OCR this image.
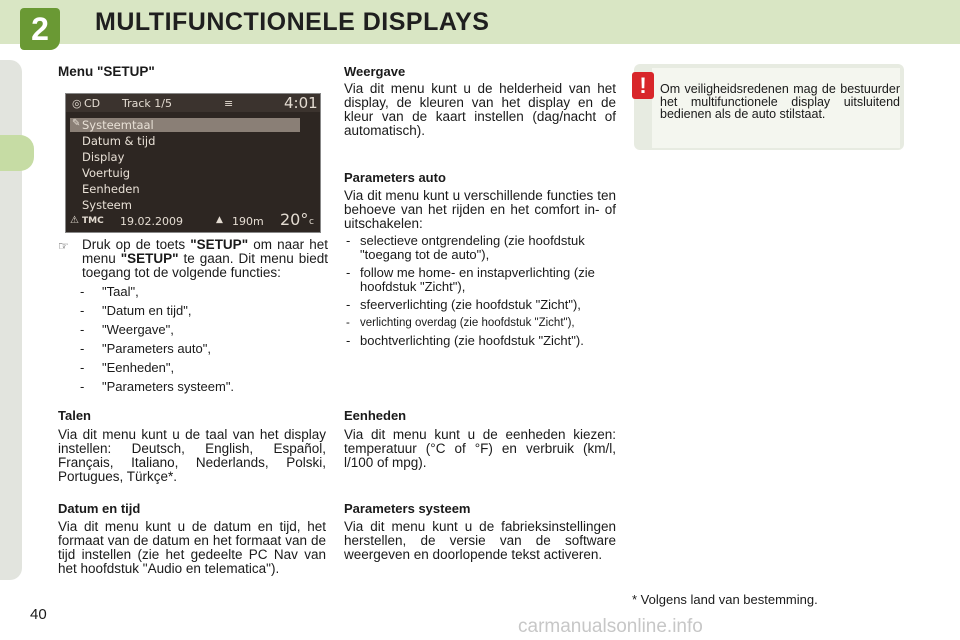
2	MULTIFUNCTIONELE DISPLAYS
Menu "SETUP"
◎ CD Track 1/5	≡	4:01
✎ Systeemtaal
Datum & tijd
Display
Voertuig
Eenheden
Systeem
⚠ TMC 19.02.2009	▲ 190m 20° c
☞ Druk op de toets "SETUP" om naar het menu "SETUP" te gaan. Dit menu biedt toegang tot de volgende functies:
- "Taal",
- "Datum en tijd",
- "Weergave",
- "Parameters auto",
- "Eenheden",
- "Parameters systeem".
Talen
Via dit menu kunt u de taal van het display instellen: Deutsch, English, Español, Français, Italiano, Nederlands, Polski, Portugues, Türkçe*.
Datum en tijd
Via dit menu kunt u de datum en tijd, het formaat van de datum en het formaat van de tijd instellen (zie het gedeelte PC Nav van het hoofdstuk "Audio en telematica").
Weergave
Via dit menu kunt u de helderheid van het display, de kleuren van het display en de kleur van de kaart instellen (dag/nacht of automatisch).
Parameters auto
Via dit menu kunt u verschillende functies ten behoeve van het rijden en het comfort in- of uitschakelen:
- selectieve ontgrendeling (zie hoofdstuk "toegang tot de auto"),
- follow me home- en instapverlichting (zie hoofdstuk "Zicht"),
- sfeerverlichting (zie hoofdstuk "Zicht"),
- verlichting overdag (zie hoofdstuk "Zicht"),
- bochtverlichting (zie hoofdstuk "Zicht").
Eenheden
Via dit menu kunt u de eenheden kiezen: temperatuur (°C of °F) en verbruik (km/l, l/100 of mpg).
Parameters systeem
Via dit menu kunt u de fabrieksinstellingen herstellen, de versie van de software weergeven en doorlopende tekst activeren.
!	Om veiligheidsredenen mag de bestuurder het multifunctionele display uitsluitend bedienen als de auto stilstaat.
* Volgens land van bestemming.
40
carmanualsonline.info
